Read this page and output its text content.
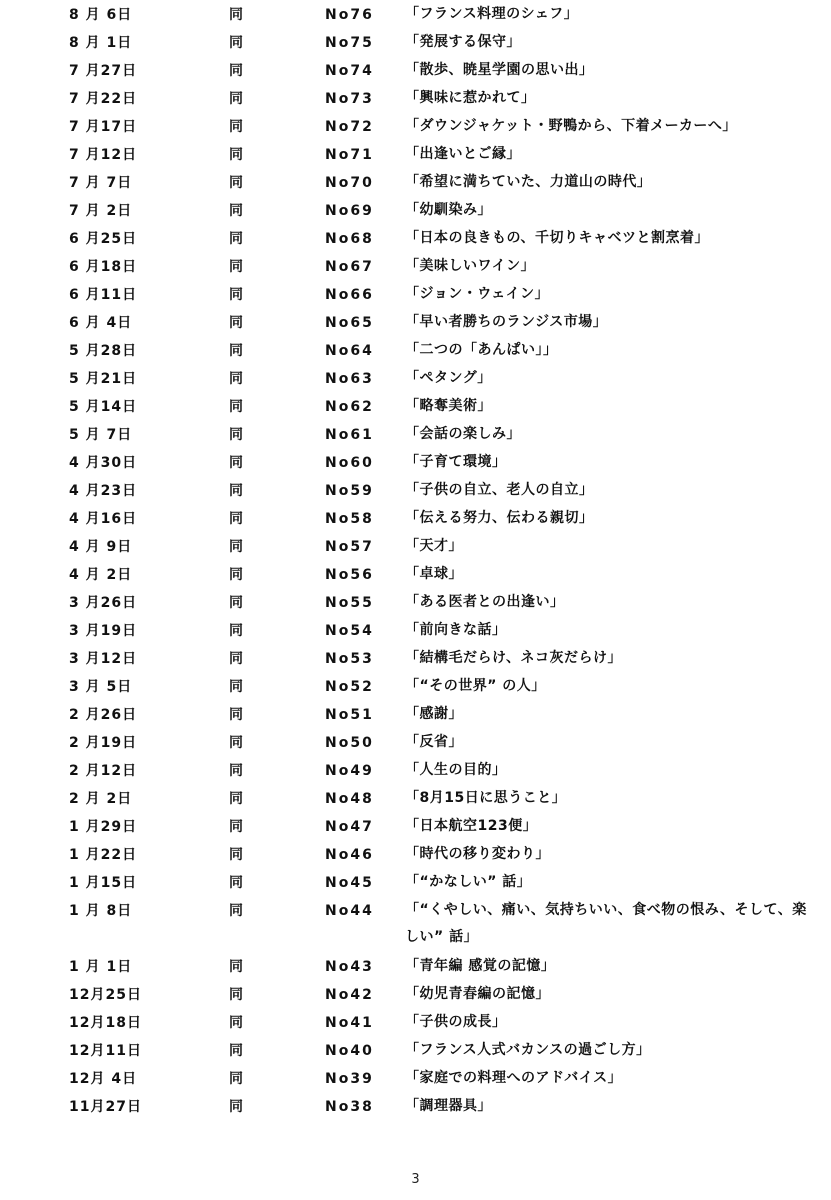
8 月 6日	同	No76 「フランス料理のシェフ」
8 月 1日	同	No75 「発展する保守」
7 月27日	同	No74 「散歩、暁星学園の思い出」
7 月22日	同	No73 「興味に惹かれて」
7 月17日	同	No72 「ダウンジャケット・野鴨から、下着メーカーへ」
7 月12日	同	No71 「出逢いとご縁」
7 月 7日	同	No70 「希望に満ちていた、力道山の時代」
7 月 2日	同	No69 「幼馴染み」
6 月25日	同	No68 「日本の良きもの、千切りキャベツと割烹着」
6 月18日	同	No67 「美味しいワイン」
6 月11日	同	No66 「ジョン・ウェイン」
6 月 4日	同	No65 「早い者勝ちのランジス市場」
5 月28日	同	No64 「二つの「あんぱい」」
5 月21日	同	No63 「ペタング」
5 月14日	同	No62 「略奪美術」
5 月 7日	同	No61 「会話の楽しみ」
4 月30日	同	No60 「子育て環境」
4 月23日	同	No59 「子供の自立、老人の自立」
4 月16日	同	No58 「伝える努力、伝わる親切」
4 月 9日	同	No57 「天才」
4 月 2日	同	No56 「卓球」
3 月26日	同	No55 「ある医者との出逢い」
3 月19日	同	No54 「前向きな話」
3 月12日	同	No53 「結構毛だらけ、ネコ灰だらけ」
3 月 5日	同	No52 「“その世界” の人」
2 月26日	同	No51 「感謝」
2 月19日	同	No50 「反省」
2 月12日	同	No49 「人生の目的」
2 月 2日	同	No48 「8月15日に思うこと」
1 月29日	同	No47 「日本航空123便」
1 月22日	同	No46 「時代の移り変わり」
1 月15日	同	No45 「“かなしい” 話」
1 月 8日	同	No44 「“くやしい、痛い、気持ちいい、食べ物の恨み、そして、楽しい” 話」
1 月 1日	同	No43 「青年編 感覚の記憶」
12月25日	同	No42 「幼児青春編の記憶」
12月18日	同	No41 「子供の成長」
12月11日	同	No40 「フランス人式バカンスの過ごし方」
12月 4日	同	No39 「家庭での料理へのアドバイス」
11月27日	同	No38 「調理器具」
3
